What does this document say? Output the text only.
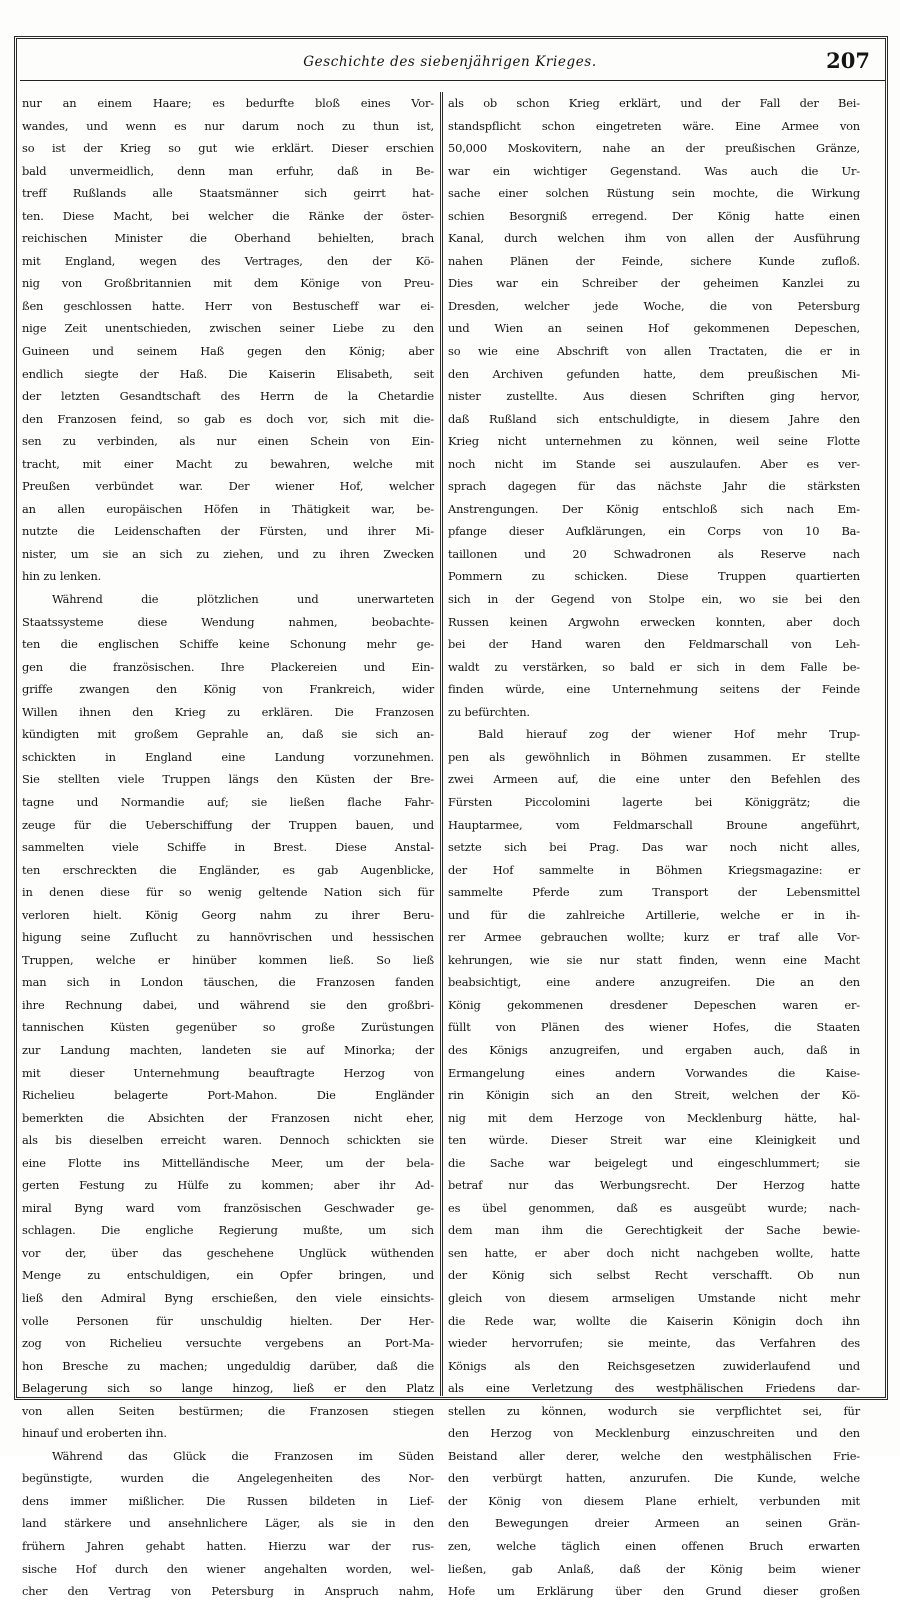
Geschichte des siebenjährigen Krieges.	207
nur an einem Haare; es bedurfte bloß eines Vor-
wandes, und wenn es nur darum noch zu thun ist,
so ist der Krieg so gut wie erklärt. Dieser erschien
bald unvermeidlich, denn man erfuhr, daß in Be-
treff Rußlands alle Staatsmänner sich geirrt hat-
ten. Diese Macht, bei welcher die Ränke der öster-
reichischen Minister die Oberhand behielten, brach
mit England, wegen des Vertrages, den der Kö-
nig von Großbritannien mit dem Könige von Preu-
ßen geschlossen hatte. Herr von Bestuscheff war ei-
nige Zeit unentschieden, zwischen seiner Liebe zu den
Guineen und seinem Haß gegen den König; aber
endlich siegte der Haß. Die Kaiserin Elisabeth, seit
der letzten Gesandtschaft des Herrn de la Chetardie
den Franzosen feind, so gab es doch vor, sich mit die-
sen zu verbinden, als nur einen Schein von Ein-
tracht, mit einer Macht zu bewahren, welche mit
Preußen verbündet war. Der wiener Hof, welcher
an allen europäischen Höfen in Thätigkeit war, be-
nutzte die Leidenschaften der Fürsten, und ihrer Mi-
nister, um sie an sich zu ziehen, und zu ihren Zwecken
hin zu lenken.
Während die plötzlichen und unerwarteten
Staatssysteme diese Wendung nahmen, beobachte-
ten die englischen Schiffe keine Schonung mehr ge-
gen die französischen. Ihre Plackereien und Ein-
griffe zwangen den König von Frankreich, wider
Willen ihnen den Krieg zu erklären. Die Franzosen
kündigten mit großem Geprahle an, daß sie sich an-
schickten in England eine Landung vorzunehmen.
Sie stellten viele Truppen längs den Küsten der Bre-
tagne und Normandie auf; sie ließen flache Fahr-
zeuge für die Ueberschiffung der Truppen bauen, und
sammelten viele Schiffe in Brest. Diese Anstal-
ten erschreckten die Engländer, es gab Augenblicke,
in denen diese für so wenig geltende Nation sich für
verloren hielt. König Georg nahm zu ihrer Beru-
higung seine Zuflucht zu hannövrischen und hessischen
Truppen, welche er hinüber kommen ließ. So ließ
man sich in London täuschen, die Franzosen fanden
ihre Rechnung dabei, und während sie den großbri-
tannischen Küsten gegenüber so große Zurüstungen
zur Landung machten, landeten sie auf Minorka; der
mit dieser Unternehmung beauftragte Herzog von
Richelieu belagerte Port-Mahon. Die Engländer
bemerkten die Absichten der Franzosen nicht eher,
als bis dieselben erreicht waren. Dennoch schickten sie
eine Flotte ins Mittelländische Meer, um der bela-
gerten Festung zu Hülfe zu kommen; aber ihr Ad-
miral Byng ward vom französischen Geschwader ge-
schlagen. Die engliche Regierung mußte, um sich
vor der, über das geschehene Unglück wüthenden
Menge zu entschuldigen, ein Opfer bringen, und
ließ den Admiral Byng erschießen, den viele einsichts-
volle Personen für unschuldig hielten. Der Her-
zog von Richelieu versuchte vergebens an Port-Ma-
hon Bresche zu machen; ungeduldig darüber, daß die
Belagerung sich so lange hinzog, ließ er den Platz
von allen Seiten bestürmen; die Franzosen stiegen
hinauf und eroberten ihn.
Während das Glück die Franzosen im Süden
begünstigte, wurden die Angelegenheiten des Nor-
dens immer mißlicher. Die Russen bildeten in Lief-
land stärkere und ansehnlichere Läger, als sie in den
frühern Jahren gehabt hatten. Hierzu war der rus-
sische Hof durch den wiener angehalten worden, wel-
cher den Vertrag von Petersburg in Anspruch nahm,
als ob schon Krieg erklärt, und der Fall der Bei-
standspflicht schon eingetreten wäre. Eine Armee von
50,000 Moskovitern, nahe an der preußischen Gränze,
war ein wichtiger Gegenstand. Was auch die Ur-
sache einer solchen Rüstung sein mochte, die Wirkung
schien Besorgniß erregend. Der König hatte einen
Kanal, durch welchen ihm von allen der Ausführung
nahen Plänen der Feinde, sichere Kunde zufloß.
Dies war ein Schreiber der geheimen Kanzlei zu
Dresden, welcher jede Woche, die von Petersburg
und Wien an seinen Hof gekommenen Depeschen,
so wie eine Abschrift von allen Tractaten, die er in
den Archiven gefunden hatte, dem preußischen Mi-
nister zustellte. Aus diesen Schriften ging hervor,
daß Rußland sich entschuldigte, in diesem Jahre den
Krieg nicht unternehmen zu können, weil seine Flotte
noch nicht im Stande sei auszulaufen. Aber es ver-
sprach dagegen für das nächste Jahr die stärksten
Anstrengungen. Der König entschloß sich nach Em-
pfange dieser Aufklärungen, ein Corps von 10 Ba-
taillonen und 20 Schwadronen als Reserve nach
Pommern zu schicken. Diese Truppen quartierten
sich in der Gegend von Stolpe ein, wo sie bei den
Russen keinen Argwohn erwecken konnten, aber doch
bei der Hand waren den Feldmarschall von Leh-
waldt zu verstärken, so bald er sich in dem Falle be-
finden würde, eine Unternehmung seitens der Feinde
zu befürchten.
Bald hierauf zog der wiener Hof mehr Trup-
pen als gewöhnlich in Böhmen zusammen. Er stellte
zwei Armeen auf, die eine unter den Befehlen des
Fürsten Piccolomini lagerte bei Königgrätz; die
Hauptarmee, vom Feldmarschall Broune angeführt,
setzte sich bei Prag. Das war noch nicht alles,
der Hof sammelte in Böhmen Kriegsmagazine: er
sammelte Pferde zum Transport der Lebensmittel
und für die zahlreiche Artillerie, welche er in ih-
rer Armee gebrauchen wollte; kurz er traf alle Vor-
kehrungen, wie sie nur statt finden, wenn eine Macht
beabsichtigt, eine andere anzugreifen. Die an den
König gekommenen dresdener Depeschen waren er-
füllt von Plänen des wiener Hofes, die Staaten
des Königs anzugreifen, und ergaben auch, daß in
Ermangelung eines andern Vorwandes die Kaise-
rin Königin sich an den Streit, welchen der Kö-
nig mit dem Herzoge von Mecklenburg hätte, hal-
ten würde. Dieser Streit war eine Kleinigkeit und
die Sache war beigelegt und eingeschlummert; sie
betraf nur das Werbungsrecht. Der Herzog hatte
es übel genommen, daß es ausgeübt wurde; nach-
dem man ihm die Gerechtigkeit der Sache bewie-
sen hatte, er aber doch nicht nachgeben wollte, hatte
der König sich selbst Recht verschafft. Ob nun
gleich von diesem armseligen Umstande nicht mehr
die Rede war, wollte die Kaiserin Königin doch ihn
wieder hervorrufen; sie meinte, das Verfahren des
Königs als den Reichsgesetzen zuwiderlaufend und
als eine Verletzung des westphälischen Friedens dar-
stellen zu können, wodurch sie verpflichtet sei, für
den Herzog von Mecklenburg einzuschreiten und den
Beistand aller derer, welche den westphälischen Frie-
den verbürgt hatten, anzurufen. Die Kunde, welche
der König von diesem Plane erhielt, verbunden mit
den Bewegungen dreier Armeen an seinen Grän-
zen, welche täglich einen offenen Bruch erwarten
ließen, gab Anlaß, daß der König beim wiener
Hofe um Erklärung über den Grund dieser großen
